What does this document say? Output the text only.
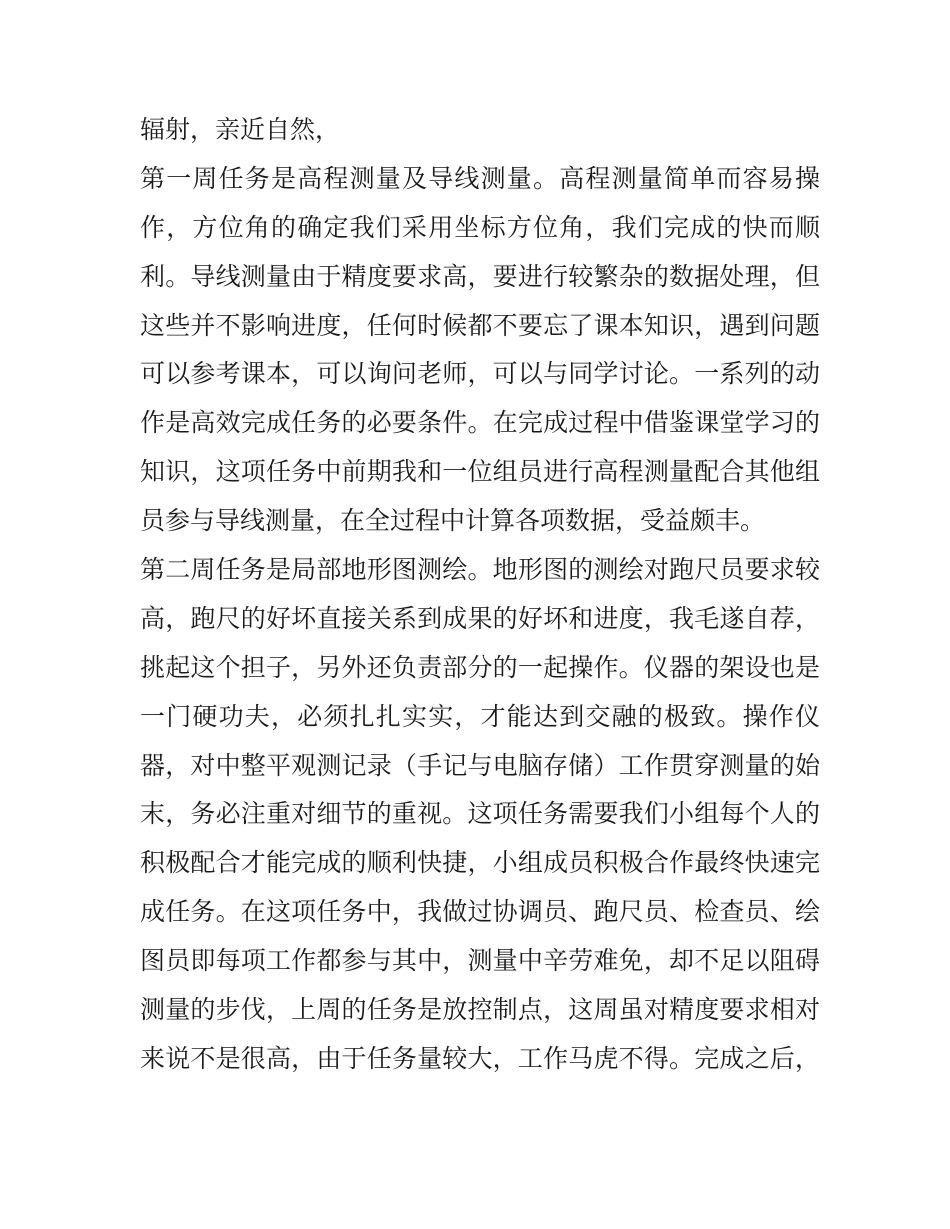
辐射，亲近自然，
第一周任务是高程测量及导线测量。高程测量简单而容易操
作，方位角的确定我们采用坐标方位角，我们完成的快而顺
利。导线测量由于精度要求高，要进行较繁杂的数据处理，但
这些并不影响进度，任何时候都不要忘了课本知识，遇到问题
可以参考课本，可以询问老师，可以与同学讨论。一系列的动
作是高效完成任务的必要条件。在完成过程中借鉴课堂学习的
知识，这项任务中前期我和一位组员进行高程测量配合其他组
员参与导线测量，在全过程中计算各项数据，受益颇丰。
第二周任务是局部地形图测绘。地形图的测绘对跑尺员要求较
高，跑尺的好坏直接关系到成果的好坏和进度，我毛遂自荐，
挑起这个担子，另外还负责部分的一起操作。仪器的架设也是
一门硬功夫，必须扎扎实实，才能达到交融的极致。操作仪
器，对中整平观测记录（手记与电脑存储）工作贯穿测量的始
末，务必注重对细节的重视。这项任务需要我们小组每个人的
积极配合才能完成的顺利快捷，小组成员积极合作最终快速完
成任务。在这项任务中，我做过协调员、跑尺员、检查员、绘
图员即每项工作都参与其中，测量中辛劳难免，却不足以阻碍
测量的步伐，上周的任务是放控制点，这周虽对精度要求相对
来说不是很高，由于任务量较大，工作马虎不得。完成之后，
